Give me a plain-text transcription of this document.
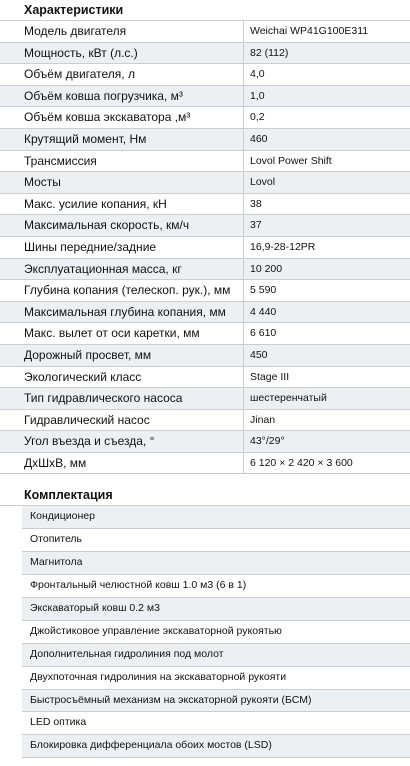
Характеристики
Модель двигателя	Weichai WP41G100E311
Мощность, кВт (л.с.)	82 (112)
Объём двигателя, л	4,0
Объём ковша погрузчика, м³	1,0
Объём ковша экскаватора ,м³	0,2
Крутящий момент, Нм	460
Трансмиссия	Lovol Power Shift
Мосты	Lovol
Макс. усилие копания, кН	38
Максимальная скорость, км/ч	37
Шины передние/задние	16,9-28-12PR
Эксплуатационная масса, кг	10 200
Глубина копания (телескоп. рук.), мм	5 590
Максимальная глубина копания, мм	4 440
Макс. вылет от оси каретки, мм	6 610
Дорожный просвет, мм	450
Экологический класс	Stage III
Тип гидравлического насоса	шестеренчатый
Гидравлический насос	Jinan
Угол въезда и съезда, °	43°/29°
ДхШхВ, мм	6 120 × 2 420 × 3 600
Комплектация
Кондиционер
Отопитель
Магнитола
Фронтальный челюстной ковш 1.0 м3 (6 в 1)
Экскаваторый ковш 0.2 м3
Джойстиковое управление экскаваторной рукоятью
Дополнительная гидролиния под молот
Двухпоточная гидролиния на экскаваторной рукояти
Быстросъёмный механизм на экскаторной рукояти (БСМ)
LED оптика
Блокировка дифференциала обоих мостов (LSD)
